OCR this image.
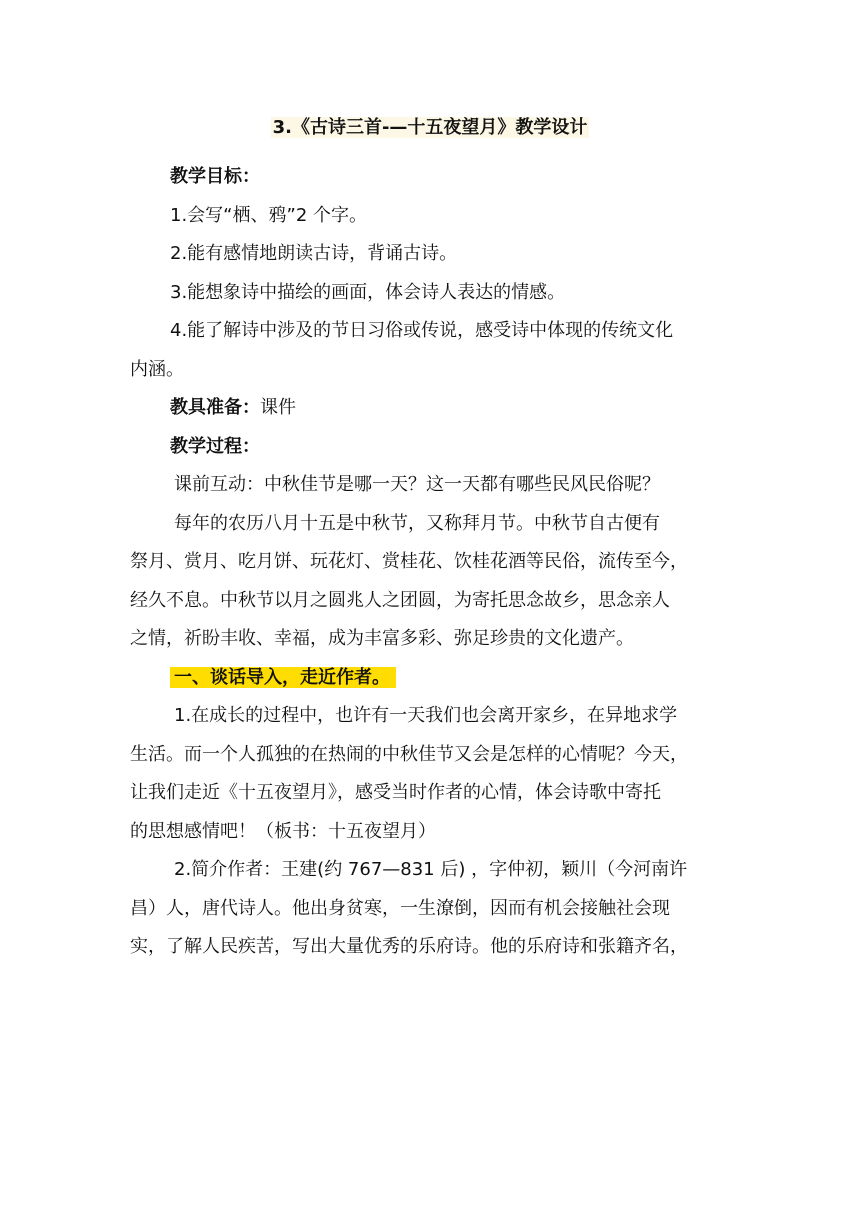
3.《古诗三首-—十五夜望月》教学设计

教学目标：

1.会写“栖、鸦”2 个字。

2.能有感情地朗读古诗，背诵古诗。

3.能想象诗中描绘的画面，体会诗人表达的情感。

4.能了解诗中涉及的节日习俗或传说，感受诗中体现的传统文化

内涵。

教具准备：课件

教学过程：

课前互动：中秋佳节是哪一天？这一天都有哪些民风民俗呢？

每年的农历八月十五是中秋节，又称拜月节。中秋节自古便有

祭月、赏月、吃月饼、玩花灯、赏桂花、饮桂花酒等民俗，流传至今，

经久不息。中秋节以月之圆兆人之团圆，为寄托思念故乡，思念亲人

之情，祈盼丰收、幸福，成为丰富多彩、弥足珍贵的文化遗产。

一、谈话导入，走近作者。

1.在成长的过程中，也许有一天我们也会离开家乡，在异地求学

生活。而一个人孤独的在热闹的中秋佳节又会是怎样的心情呢？今天，

让我们走近《十五夜望月》，感受当时作者的心情，体会诗歌中寄托

的思想感情吧！（板书：十五夜望月）

2.简介作者：王建(约 767—831 后) ，字仲初，颖川（今河南许

昌）人，唐代诗人。他出身贫寒，一生潦倒，因而有机会接触社会现

实，了解人民疾苦，写出大量优秀的乐府诗。他的乐府诗和张籍齐名，
